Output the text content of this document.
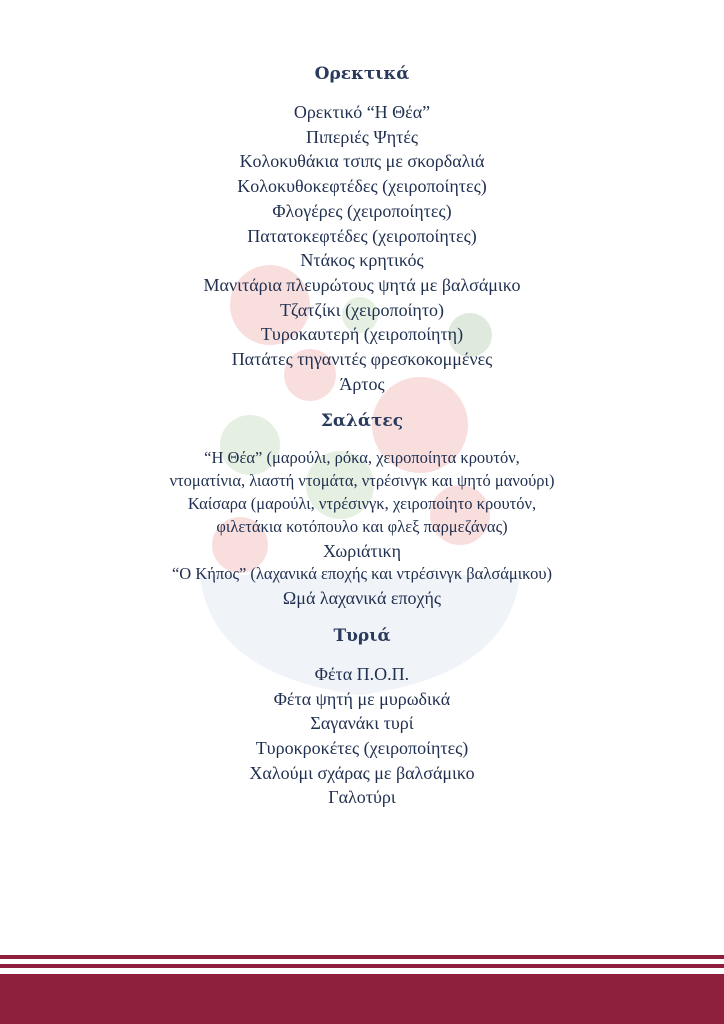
Ορεκτικά
Ορεκτικό “Η Θέα”
Πιπεριές Ψητές
Κολοκυθάκια τσιπς με σκορδαλιά
Κολοκυθοκεφτέδες (χειροποίητες)
Φλογέρες (χειροποίητες)
Πατατοκεφτέδες (χειροποίητες)
Ντάκος κρητικός
Μανιτάρια πλευρώτους ψητά με βαλσάμικο
Τζατζίκι (χειροποίητο)
Τυροκαυτερή (χειροποίητη)
Πατάτες τηγανιτές φρεσκοκομμένες
Άρτος
Σαλάτες
“Η Θέα” (μαρούλι, ρόκα, χειροποίητα κρουτόν, ντοματίνια, λιαστή ντομάτα, ντρέσινγκ και ψητό μανούρι)
Καίσαρα (μαρούλι, ντρέσινγκ, χειροποίητο κρουτόν, φιλετάκια κοτόπουλο και φλεξ παρμεζάνας)
Χωριάτικη
“Ο Κήπος” (λαχανικά εποχής και ντρέσινγκ βαλσάμικου)
Ωμά λαχανικά εποχής
Τυριά
Φέτα Π.Ο.Π.
Φέτα ψητή με μυρωδικά
Σαγανάκι τυρί
Τυροκροκέτες (χειροποίητες)
Χαλούμι σχάρας με βαλσάμικο
Γαλοτύρι
